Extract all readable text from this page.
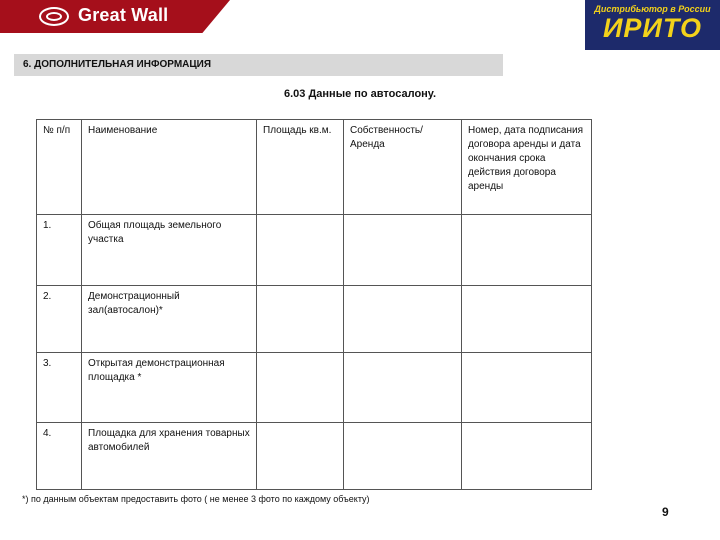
Great Wall	Дистрибьютор в России
ИРИТО
6. ДОПОЛНИТЕЛЬНАЯ ИНФОРМАЦИЯ
6.03 Данные по автосалону.
№ п/п	Наименование	Площадь кв.м.	Собственность/ Аренда	Номер, дата подписания договора аренды и дата окончания срока действия договора аренды
1.	Общая площадь земельного участка			
2.	Демонстрационный зал(автосалон)*			
3.	Открытая демонстрационная площадка *			
4.	Площадка для хранения товарных автомобилей			
*) по данным объектам предоставить фото ( не менее 3 фото по каждому объекту)
9
